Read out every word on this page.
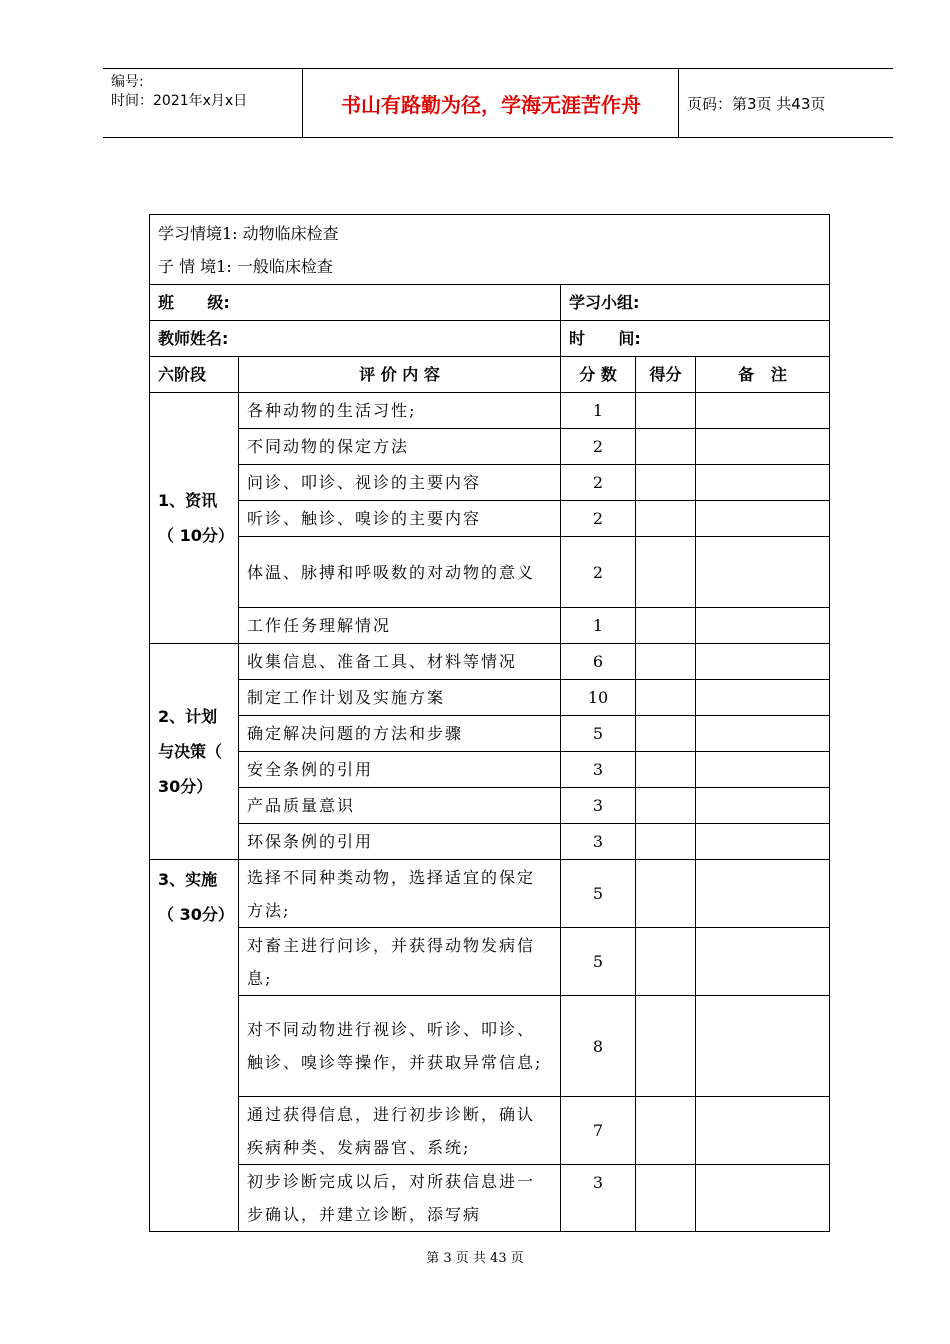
编号:
时间：2021年x月x日	书山有路勤为径，学海无涯苦作舟	页码：第3页 共43页
学习情境1: 动物临床检查
子 情 境1: 一般临床检查				

班      级:		学习小组:		
教师姓名:		时      间:		
六阶段	评 价 内 容	分 数	得分	备   注
1、资讯（ 10分）	各种动物的生活习性;	1		
	不同动物的保定方法	2		
	问诊、叩诊、视诊的主要内容	2		
	听诊、触诊、嗅诊的主要内容	2		
	体温、脉搏和呼吸数的对动物的意义	2		
	工作任务理解情况	1		
2、计划与决策（ 30分）	收集信息、准备工具、材料等情况	6		
	制定工作计划及实施方案	10		
	确定解决问题的方法和步骤	5		
	安全条例的引用	3		
	产品质量意识	3		
	环保条例的引用	3		
3、实施（ 30分）	选择不同种类动物，选择适宜的保定方法;	5		
	对畜主进行问诊，并获得动物发病信息;	5		
	对不同动物进行视诊、听诊、叩诊、触诊、嗅诊等操作，并获取异常信息;	8		
	通过获得信息，进行初步诊断，确认疾病种类、发病器官、系统;	7		
	初步诊断完成以后，对所获信息进一步确认，并建立诊断，添写病	3		
第 3 页 共 43 页
